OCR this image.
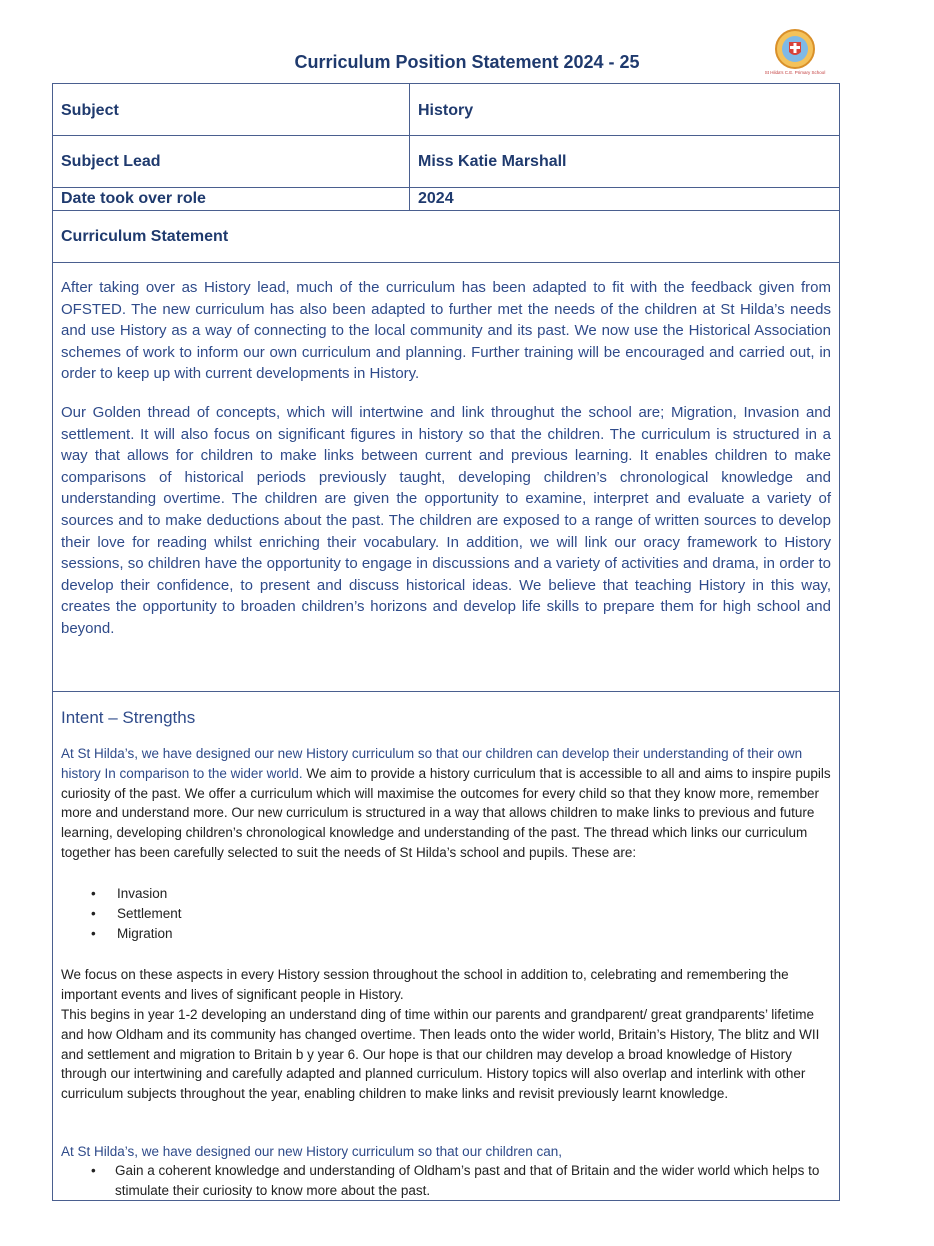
Curriculum Position Statement 2024 - 25
St Hilda's C.E. Primary School
Subject	History
Subject Lead	Miss Katie Marshall
Date took over role	2024
Curriculum Statement
After taking over as History lead, much of the curriculum has been adapted to fit with the feedback given from OFSTED. The new curriculum has also been adapted to further met the needs of the children at St Hilda’s needs and use History as a way of connecting to the local community and its past. We now use the Historical Association schemes of work to inform our own curriculum and planning. Further training will be encouraged and carried out, in order to keep up with current developments in History.
Our Golden thread of concepts, which will intertwine and link throughut the school are; Migration, Invasion and settlement. It will also focus on significant figures in history so that the children. The curriculum is structured in a way that allows for children to make links between current and previous learning. It enables children to make comparisons of historical periods previously taught, developing children’s chronological knowledge and understanding overtime. The children are given the opportunity to examine, interpret and evaluate a variety of sources and to make deductions about the past. The children are exposed to a range of written sources to develop their love for reading whilst enriching their vocabulary. In addition, we will link our oracy framework to History sessions, so children have the opportunity to engage in discussions and a variety of activities and drama, in order to develop their confidence, to present and discuss historical ideas. We believe that teaching History in this way, creates the opportunity to broaden children’s horizons and develop life skills to prepare them for high school and beyond.
Intent – Strengths
At St Hilda’s, we have designed our new History curriculum so that our children can develop their understanding of their own history In comparison to the wider world. We aim to provide a history curriculum that is accessible to all and aims to inspire pupils curiosity of the past. We offer a curriculum which will maximise the outcomes for every child so that they know more, remember more and understand more. Our new curriculum is structured in a way that allows children to make links to previous and future learning, developing children’s chronological knowledge and understanding of the past. The thread which links our curriculum together has been carefully selected to suit the needs of St Hilda’s school and pupils. These are:
• Invasion
• Settlement
• Migration
We focus on these aspects in every History session throughout the school in addition to, celebrating and remembering the important events and lives of significant people in History.
This begins in year 1-2 developing an understand ding of time within our parents and grandparent/ great grandparents’ lifetime and how Oldham and its community has changed overtime. Then leads onto the wider world, Britain’s History, The blitz and WII and settlement and migration to Britain b y year 6. Our hope is that our children may develop a broad knowledge of History through our intertwining and carefully adapted and planned curriculum. History topics will also overlap and interlink with other curriculum subjects throughout the year, enabling children to make links and revisit previously learnt knowledge.
At St Hilda’s, we have designed our new History curriculum so that our children can,
• Gain a coherent knowledge and understanding of Oldham’s past and that of Britain and the wider world which helps to stimulate their curiosity to know more about the past.
